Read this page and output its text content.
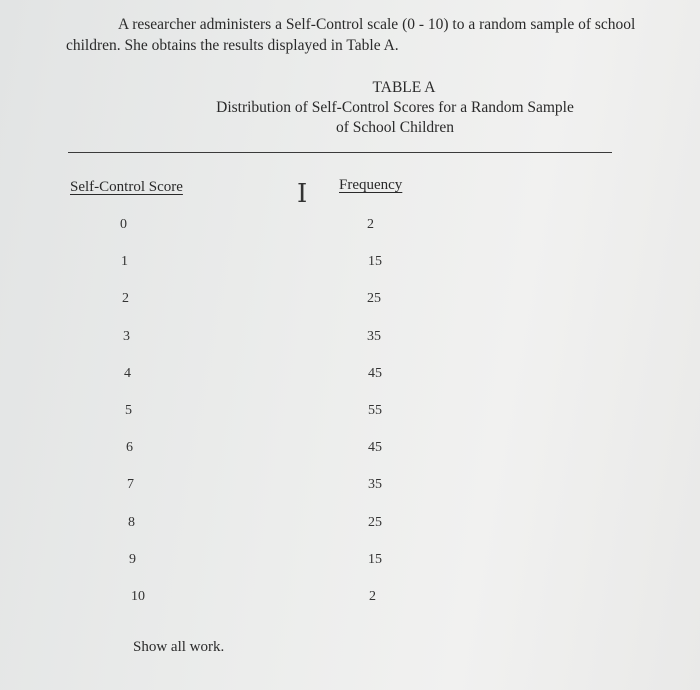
A researcher administers a Self-Control scale (0 - 10) to a random sample of school
children. She obtains the results displayed in Table A.
TABLE A
Distribution of Self-Control Scores for a Random Sample
of School Children
Self-Control Score	I Frequency
0	2
1	15
2	25
3	35
4	45
5	55
6	45
7	35
8	25
9	15
10	2
Show all work.
